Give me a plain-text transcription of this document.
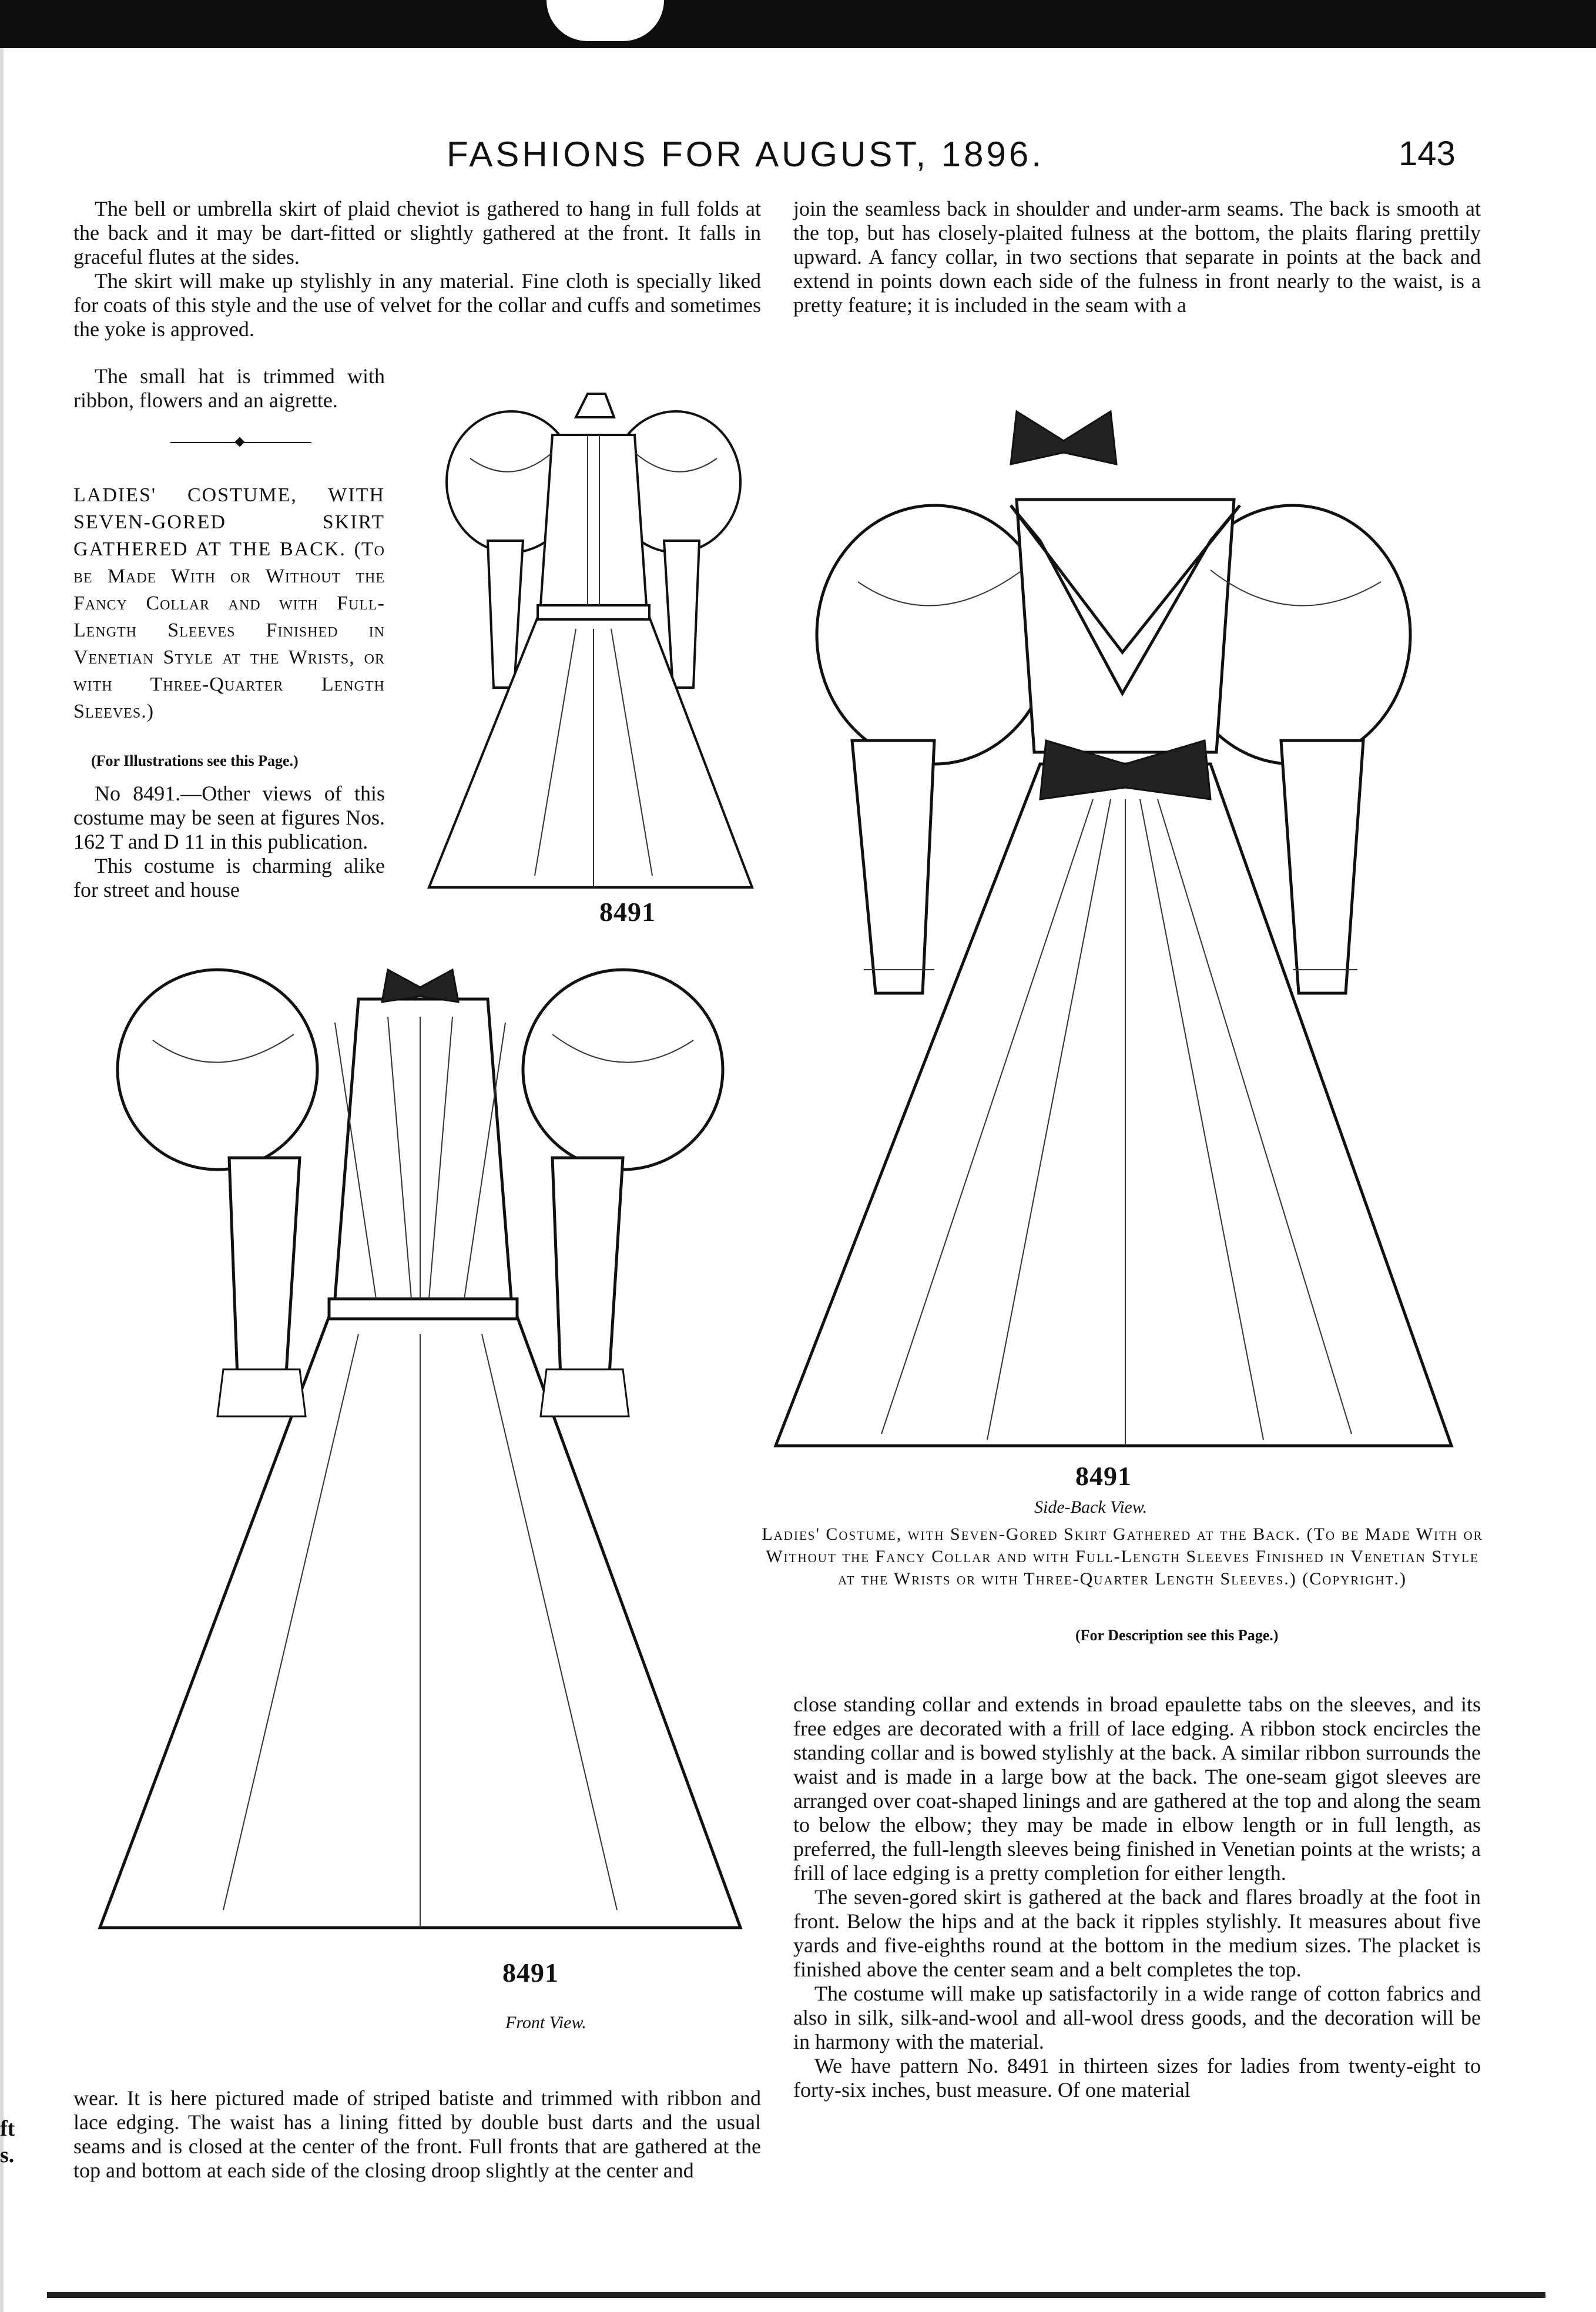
ft
s.
FASHIONS FOR AUGUST, 1896.	143

The bell or umbrella skirt of plaid cheviot is gathered to hang in full folds at the back and it may be dart-fitted or slightly gathered at the front. It falls in graceful flutes at the sides.

The skirt will make up stylishly in any material. Fine cloth is specially liked for coats of this style and the use of velvet for the collar and cuffs and sometimes the yoke is approved.

The small hat is trimmed with ribbon, flowers and an aigrette.

join the seamless back in shoulder and under-arm seams. The back is smooth at the top, but has closely-plaited fulness at the bottom, the plaits flaring prettily upward. A fancy collar, in two sections that separate in points at the back and extend in points down each side of the fulness in front nearly to the waist, is a pretty feature; it is included in the seam with a

LADIES' COSTUME, WITH SEVEN-GORED SKIRT GATHERED AT THE BACK. (To be Made With or Without the Fancy Collar and with Full-Length Sleeves Finished in Venetian Style at the Wrists, or with Three-Quarter Length Sleeves.)
(For Illustrations see this Page.)

No 8491.—Other views of this costume may be seen at figures Nos. 162 T and D 11 in this publication.

This costume is charming alike for street and house

8491
8491
Front View.
8491
Side-Back View.
Ladies' Costume, with Seven-Gored Skirt Gathered at the Back. (To be Made With or Without the Fancy Collar and with Full-Length Sleeves Finished in Venetian Style at the Wrists or with Three-Quarter Length Sleeves.) (Copyright.)
(For Description see this Page.)

close standing collar and extends in broad epaulette tabs on the sleeves, and its free edges are decorated with a frill of lace edging. A ribbon stock encircles the standing collar and is bowed stylishly at the back. A similar ribbon surrounds the waist and is made in a large bow at the back. The one-seam gigot sleeves are arranged over coat-shaped linings and are gathered at the top and along the seam to below the elbow; they may be made in elbow length or in full length, as preferred, the full-length sleeves being finished in Venetian points at the wrists; a frill of lace edging is a pretty completion for either length.

The seven-gored skirt is gathered at the back and flares broadly at the foot in front. Below the hips and at the back it ripples stylishly. It measures about five yards and five-eighths round at the bottom in the medium sizes. The placket is finished above the center seam and a belt completes the top.

The costume will make up satisfactorily in a wide range of cotton fabrics and also in silk, silk-and-wool and all-wool dress goods, and the decoration will be in harmony with the material.

We have pattern No. 8491 in thirteen sizes for ladies from twenty-eight to forty-six inches, bust measure. Of one material

wear. It is here pictured made of striped batiste and trimmed with ribbon and lace edging. The waist has a lining fitted by double bust darts and the usual seams and is closed at the center of the front. Full fronts that are gathered at the top and bottom at each side of the closing droop slightly at the center and
